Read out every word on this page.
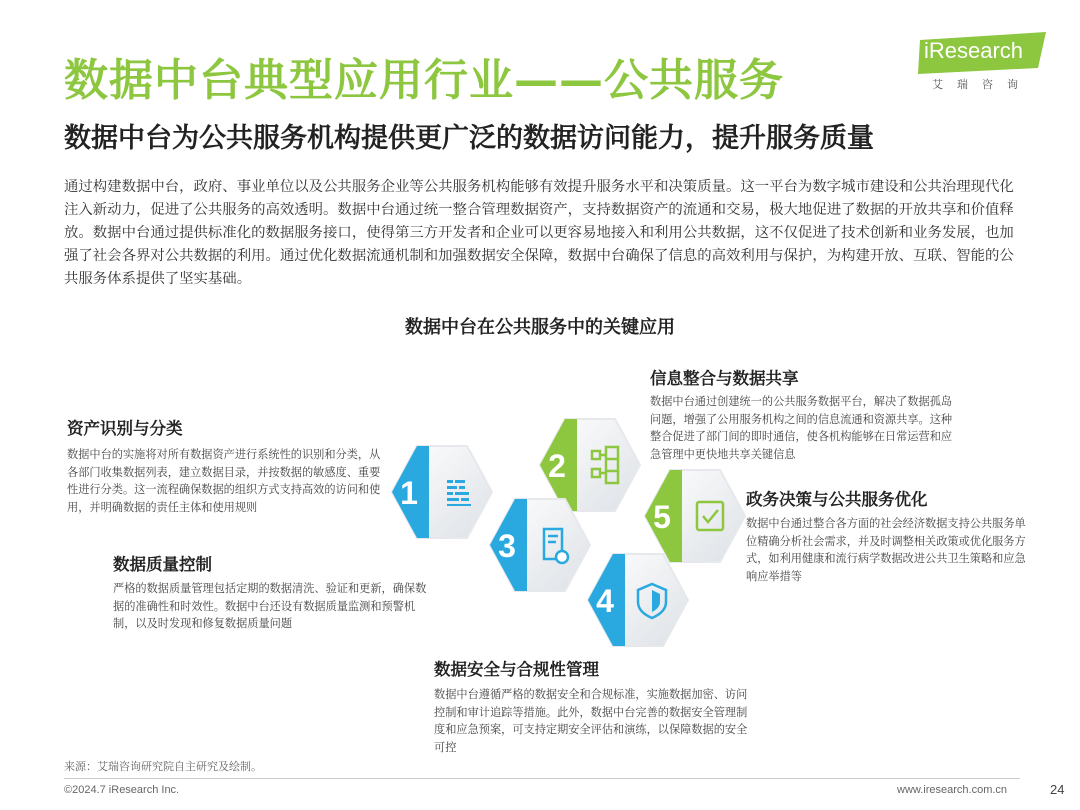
数据中台典型应用行业——公共服务
数据中台为公共服务机构提供更广泛的数据访问能力，提升服务质量
iResearch
艾瑞咨询
通过构建数据中台，政府、事业单位以及公共服务企业等公共服务机构能够有效提升服务水平和决策质量。这一平台为数字城市建设和公共治理现代化注入新动力，促进了公共服务的高效透明。数据中台通过统一整合管理数据资产，支持数据资产的流通和交易，极大地促进了数据的开放共享和价值释放。数据中台通过提供标准化的数据服务接口，使得第三方开发者和企业可以更容易地接入和利用公共数据，这不仅促进了技术创新和业务发展，也加强了社会各界对公共数据的利用。通过优化数据流通机制和加强数据安全保障，数据中台确保了信息的高效利用与保护，为构建开放、互联、智能的公共服务体系提供了坚实基础。
数据中台在公共服务中的关键应用
1
2
3
4
5
资产识别与分类
数据中台的实施将对所有数据资产进行系统性的识别和分类，从各部门收集数据列表，建立数据目录，并按数据的敏感度、重要性进行分类。这一流程确保数据的组织方式支持高效的访问和使用，并明确数据的责任主体和使用规则
信息整合与数据共享
数据中台通过创建统一的公共服务数据平台，解决了数据孤岛问题，增强了公用服务机构之间的信息流通和资源共享。这种整合促进了部门间的即时通信，使各机构能够在日常运营和应急管理中更快地共享关键信息
数据质量控制
严格的数据质量管理包括定期的数据清洗、验证和更新，确保数据的准确性和时效性。数据中台还设有数据质量监测和预警机制，以及时发现和修复数据质量问题
数据安全与合规性管理
数据中台遵循严格的数据安全和合规标准，实施数据加密、访问控制和审计追踪等措施。此外，数据中台完善的数据安全管理制度和应急预案，可支持定期安全评估和演练，以保障数据的安全可控
政务决策与公共服务优化
数据中台通过整合各方面的社会经济数据支持公共服务单位精确分析社会需求，并及时调整相关政策或优化服务方式，如利用健康和流行病学数据改进公共卫生策略和应急响应举措等
来源：艾瑞咨询研究院自主研究及绘制。
©2024.7 iResearch Inc.	www.iresearch.com.cn	24
